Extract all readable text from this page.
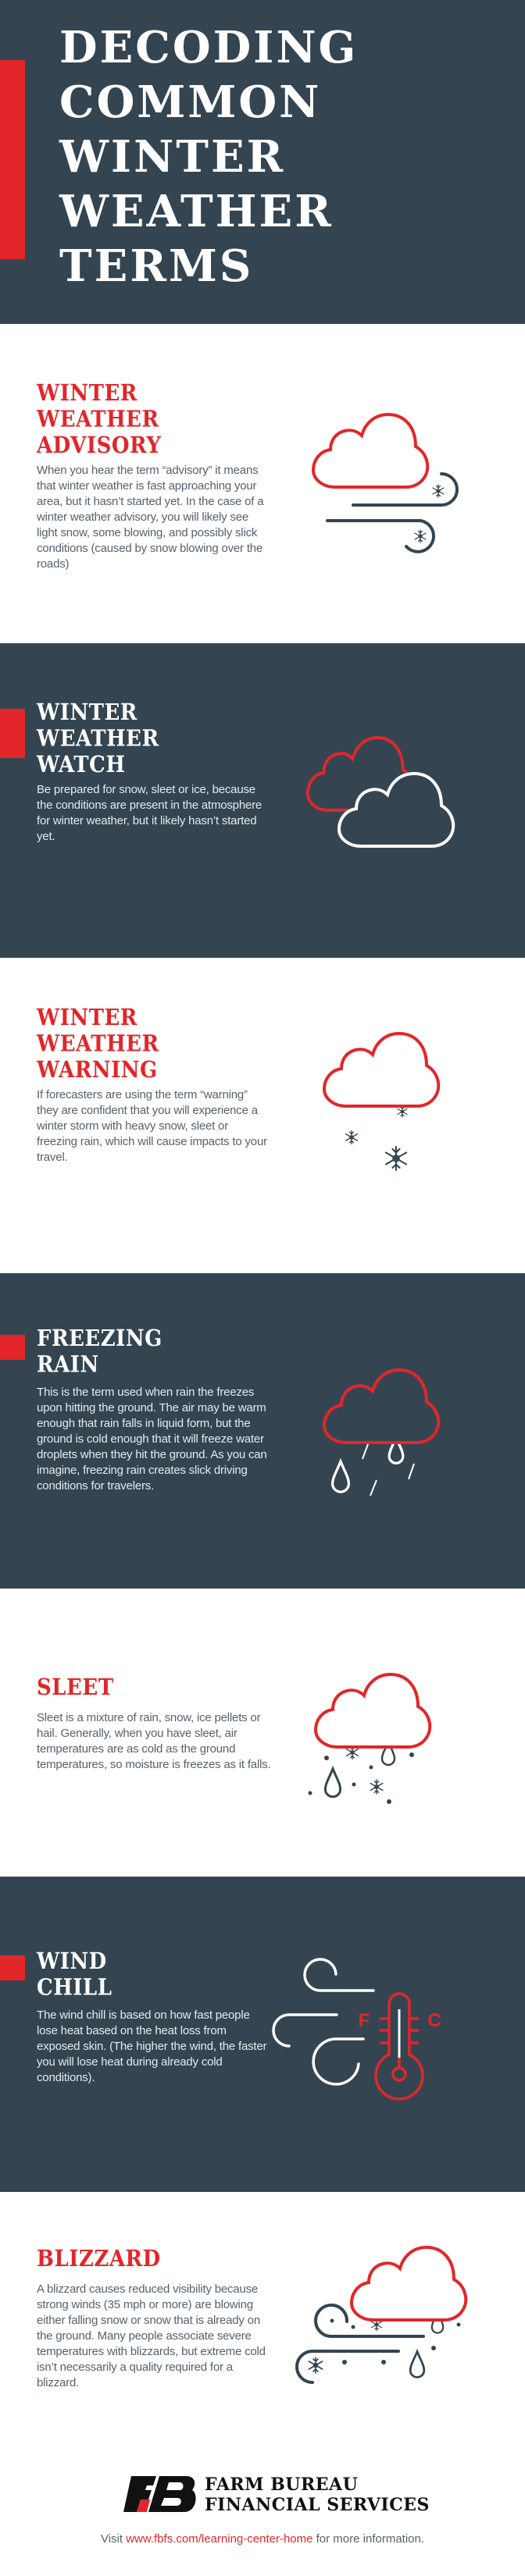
DECODING
COMMON
WINTER
WEATHER
TERMS
WINTER
WEATHER
ADVISORY

When you hear the term “advisory” it means that winter weather is fast approaching your area, but it hasn’t started yet. In the case of a winter weather advisory, you will likely see light snow, some blowing, and possibly slick conditions (caused by snow blowing over the roads)

WINTER
WEATHER
WATCH

Be prepared for snow, sleet or ice, because the conditions are present in the atmosphere for winter weather, but it likely hasn’t started yet.

WINTER
WEATHER
WARNING

If forecasters are using the term “warning” they are confident that you will experience a winter storm with heavy snow, sleet or freezing rain, which will cause impacts to your travel.

FREEZING
RAIN

This is the term used when rain the freezes upon hitting the ground. The air may be warm enough that rain falls in liquid form, but the ground is cold enough that it will freeze water droplets when they hit the ground. As you can imagine, freezing rain creates slick driving conditions for travelers.

SLEET

Sleet is a mixture of rain, snow, ice pellets or hail. Generally, when you have sleet, air temperatures are as cold as the ground temperatures, so moisture is freezes as it falls.

WIND
CHILL

The wind chill is based on how fast people lose heat based on the heat loss from exposed skin. (The higher the wind, the faster you will lose heat during already cold conditions).

F	C
BLIZZARD

A blizzard causes reduced visibility because strong winds (35 mph or more) are blowing either falling snow or snow that is already on the ground. Many people associate severe temperatures with blizzards, but extreme cold isn’t necessarily a quality required for a blizzard.

FARM BUREAU
FINANCIAL SERVICES

Visit www.fbfs.com/learning-center-home for more information.
